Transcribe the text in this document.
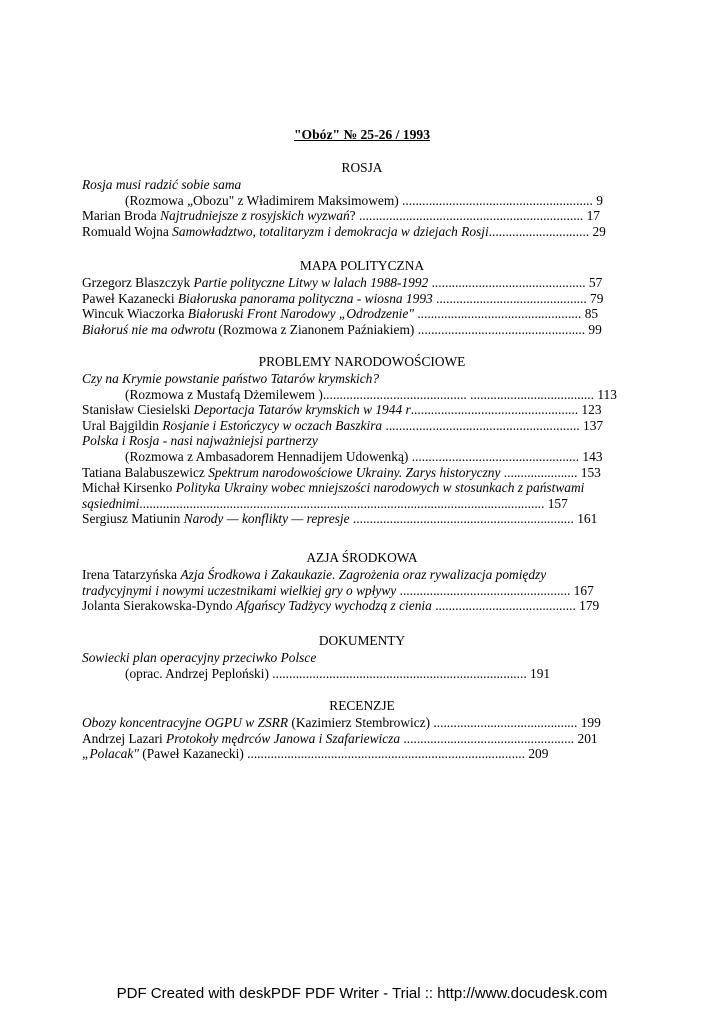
"Obóz" № 25-26 / 1993
ROSJA
Rosja musi radzić sobie sama
(Rozmowa „Obozu" z Władimirem Maksimowem) ......................................................... 9
Marian Broda Najtrudniejsze z rosyjskich wyzwań? ................................................................... 17
Romuald Wojna Samowładztwo, totalitaryzm i demokracja w dziejach Rosji.............................. 29
MAPA POLITYCZNA
Grzegorz Blaszczyk Partie polityczne Litwy w lalach 1988-1992 .............................................. 57
Paweł Kazanecki Białoruska panorama polityczna - wiosna 1993 ............................................. 79
Wincuk Wiaczorka Białoruski Front Narodowy „Odrodzenie" ................................................. 85
Białoruś nie ma odwrotu (Rozmowa z Zianonem Paźniakiem) .................................................. 99
PROBLEMY NARODOWOŚCIOWE
Czy na Krymie powstanie państwo Tatarów krymskich?
(Rozmowa z Mustafą Dżemilewem )........................................... ..................................... 113
Stanisław Ciesielski Deportacja Tatarów krymskich w 1944 r.................................................. 123
Ural Bajgildin Rosjanie i Estończycy w oczach Baszkira .......................................................... 137
Polska i Rosja - nasi najważniejsi partnerzy
(Rozmowa z Ambasadorem Hennadijem Udowenką) .................................................. 143
Tatiana Balabuszewicz Spektrum narodowościowe Ukrainy. Zarys historyczny ...................... 153
Michał Kirsenko Polityka Ukrainy wobec mniejszości narodowych w stosunkach z państwami
sąsiednimi......................................................................................................................... 157
Sergiusz Matiunin Narody — konflikty — represje .................................................................. 161
AZJA ŚRODKOWA
Irena Tatarzyńska Azja Środkowa i Zakaukazie. Zagrożenia oraz rywalizacja pomiędzy
tradycyjnymi i nowymi uczestnikami wielkiej gry o wpływy ................................................... 167
Jolanta Sierakowska-Dyndo Afgańscy Tadżycy wychodzą z cienia .......................................... 179
DOKUMENTY
Sowiecki plan operacyjny przeciwko Polsce
(oprac. Andrzej Peploński) ............................................................................ 191
RECENZJE
Obozy koncentracyjne OGPU w ZSRR (Kazimierz Stembrowicz) ........................................... 199
Andrzej Lazari Protokoły mędrców Janowa i Szafariewicza ................................................... 201
„Polacak" (Paweł Kazanecki) ................................................................................... 209
PDF Created with deskPDF PDF Writer - Trial :: http://www.docudesk.com
